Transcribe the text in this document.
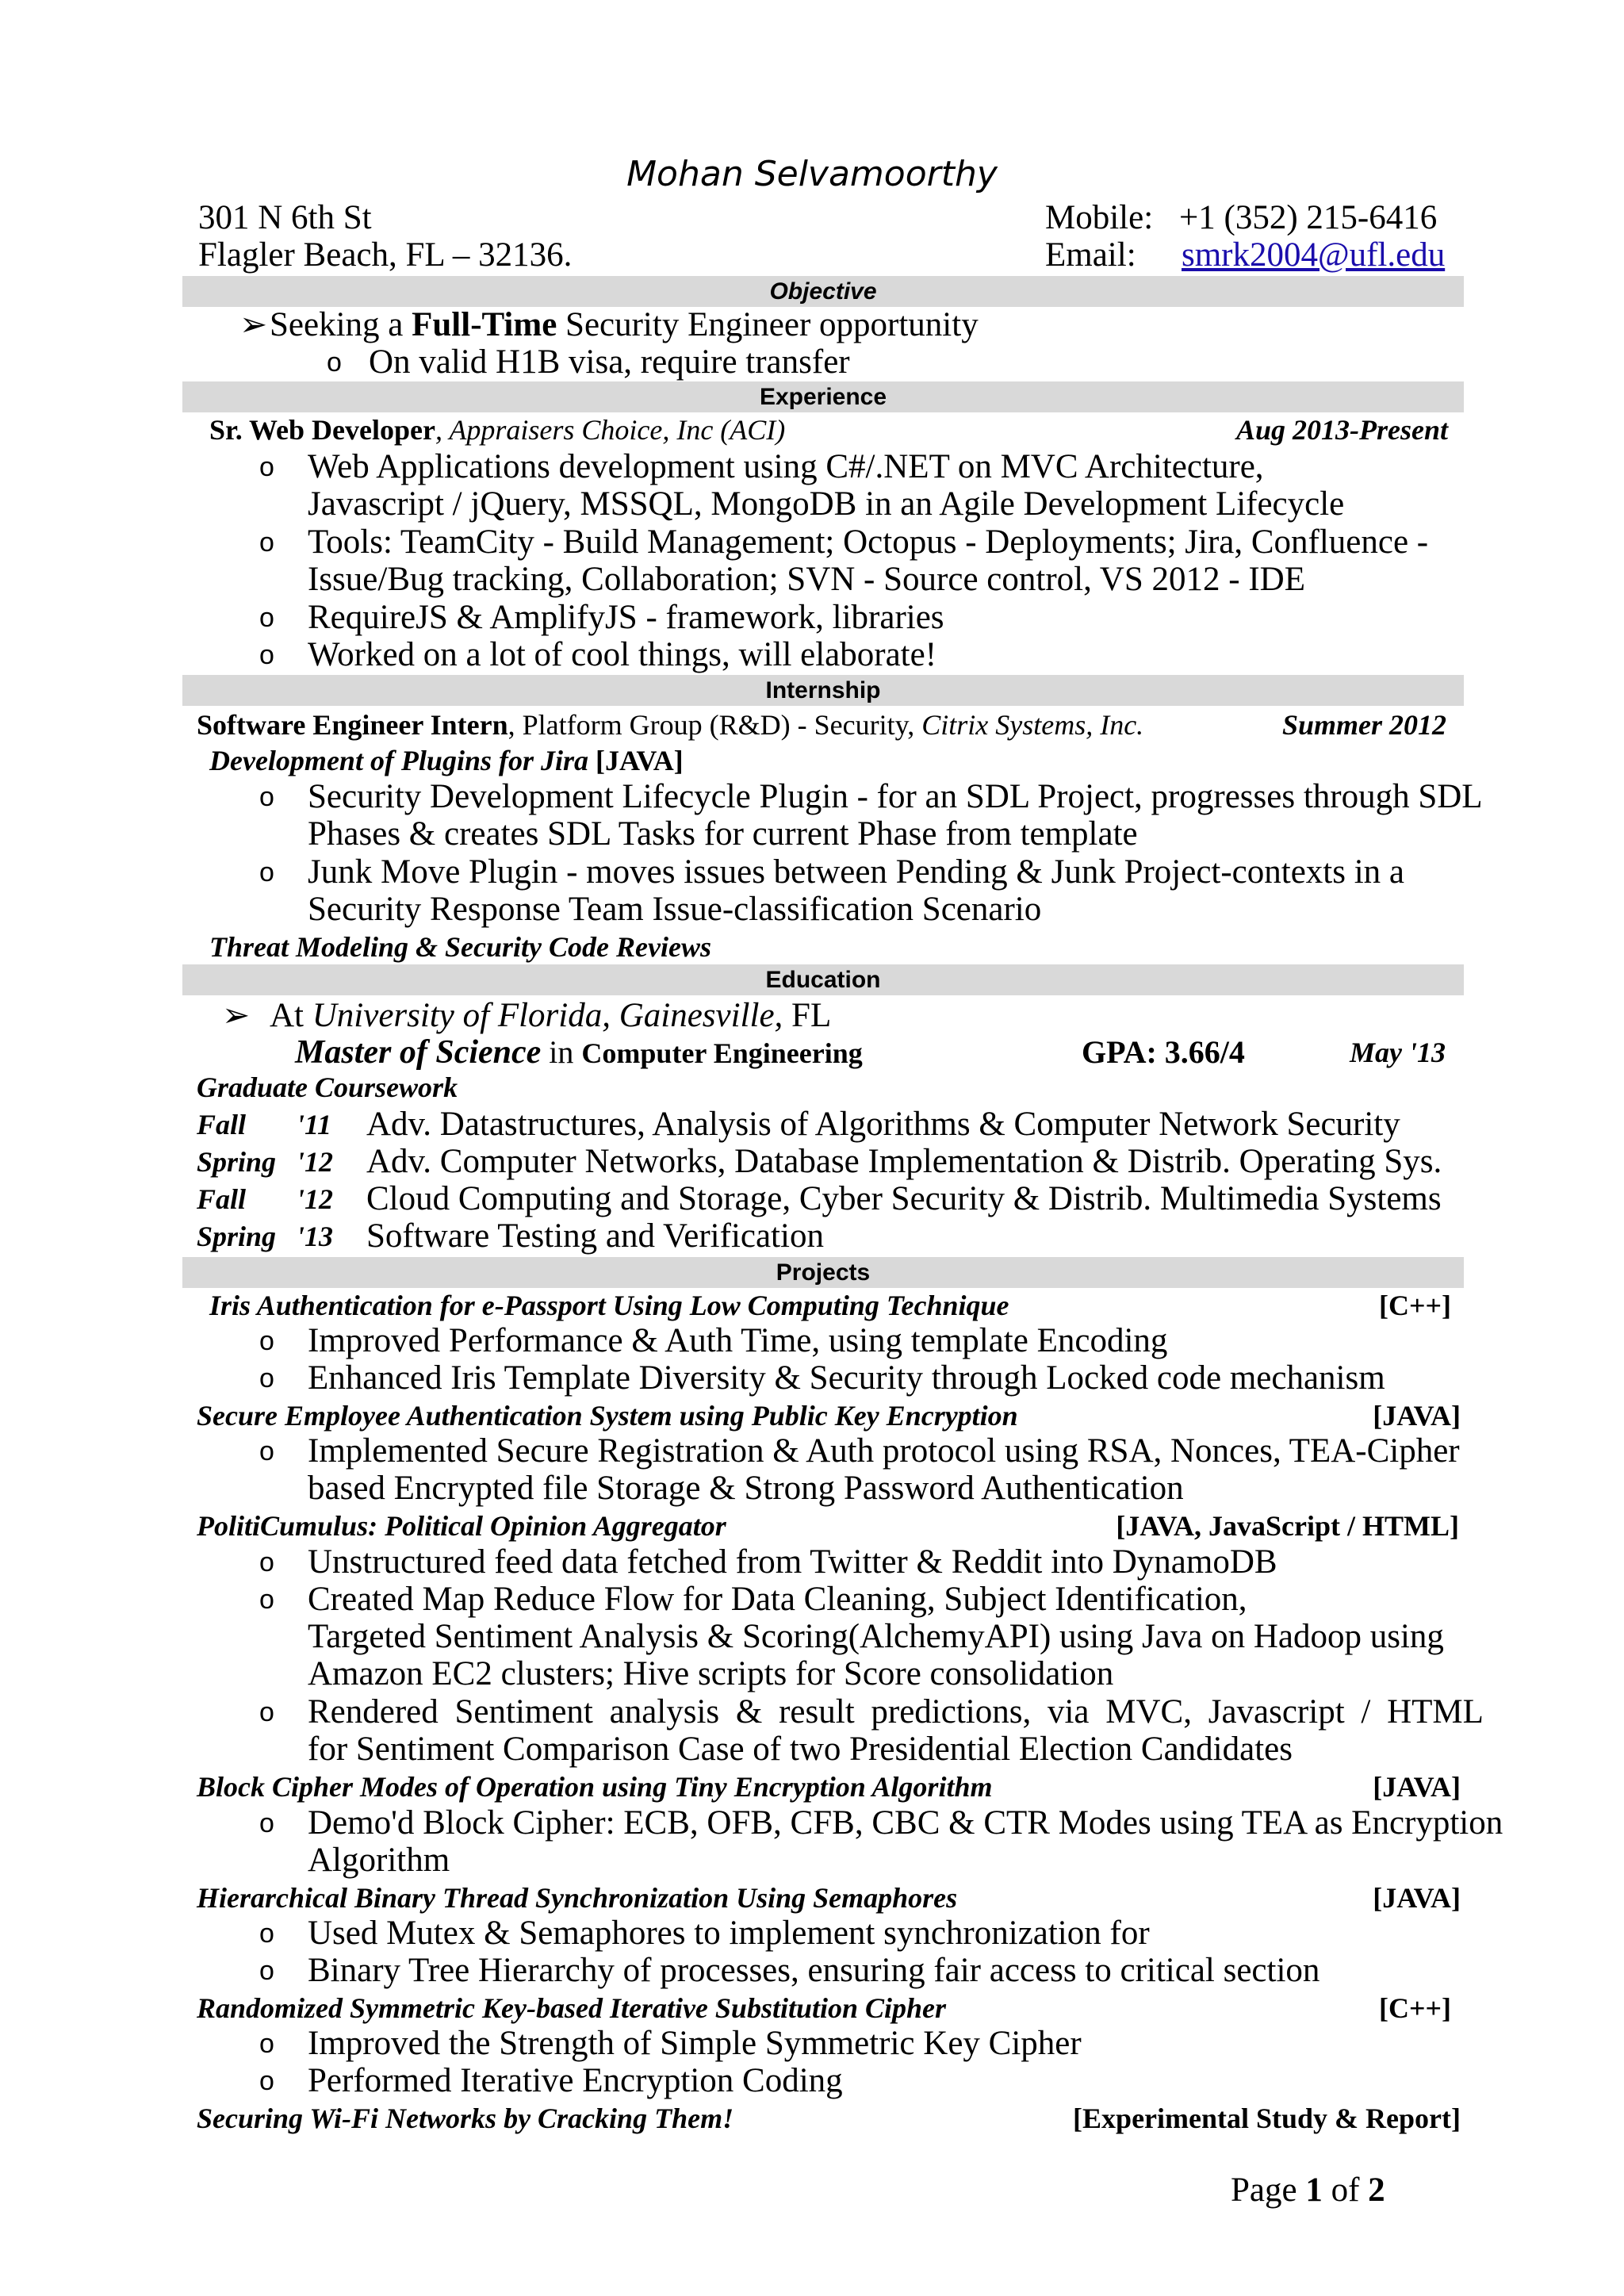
Mohan Selvamoorthy
301 N 6th St
Flagler Beach, FL – 32136.
Mobile: +1 (352) 215-6416
Email: smrk2004@ufl.edu
Objective
➢ Seeking a Full-Time Security Engineer opportunity
o On valid H1B visa, require transfer
Experience
Sr. Web Developer, Appraisers Choice, Inc (ACI)	Aug 2013-Present
o Web Applications development using C#/.NET on MVC Architecture,
Javascript / jQuery, MSSQL, MongoDB in an Agile Development Lifecycle
o Tools: TeamCity - Build Management; Octopus - Deployments; Jira, Confluence -
Issue/Bug tracking, Collaboration; SVN - Source control, VS 2012 - IDE
o RequireJS & AmplifyJS - framework, libraries
o Worked on a lot of cool things, will elaborate!
Internship
Software Engineer Intern, Platform Group (R&D) - Security, Citrix Systems, Inc.	Summer 2012
Development of Plugins for Jira [JAVA]
o Security Development Lifecycle Plugin - for an SDL Project, progresses through SDL
Phases & creates SDL Tasks for current Phase from template
o Junk Move Plugin - moves issues between Pending & Junk Project-contexts in a
Security Response Team Issue-classification Scenario
Threat Modeling & Security Code Reviews
Education
➢ At University of Florida, Gainesville, FL
Master of Science in Computer Engineering	GPA: 3.66/4	May '13
Graduate Coursework
Fall '11 Adv. Datastructures, Analysis of Algorithms & Computer Network Security
Spring '12 Adv. Computer Networks, Database Implementation & Distrib. Operating Sys.
Fall '12 Cloud Computing and Storage, Cyber Security & Distrib. Multimedia Systems
Spring '13 Software Testing and Verification
Projects
Iris Authentication for e-Passport Using Low Computing Technique	[C++]
o Improved Performance & Auth Time, using template Encoding
o Enhanced Iris Template Diversity & Security through Locked code mechanism
Secure Employee Authentication System using Public Key Encryption	[JAVA]
o Implemented Secure Registration & Auth protocol using RSA, Nonces, TEA-Cipher
based Encrypted file Storage & Strong Password Authentication
PolitiCumulus: Political Opinion Aggregator	[JAVA, JavaScript / HTML]
o Unstructured feed data fetched from Twitter & Reddit into DynamoDB
o Created Map Reduce Flow for Data Cleaning, Subject Identification,
Targeted Sentiment Analysis & Scoring(AlchemyAPI) using Java on Hadoop using
Amazon EC2 clusters; Hive scripts for Score consolidation
o Rendered Sentiment analysis & result predictions, via MVC, Javascript / HTML
for Sentiment Comparison Case of two Presidential Election Candidates
Block Cipher Modes of Operation using Tiny Encryption Algorithm	[JAVA]
o Demo'd Block Cipher: ECB, OFB, CFB, CBC & CTR Modes using TEA as Encryption
Algorithm
Hierarchical Binary Thread Synchronization Using Semaphores	[JAVA]
o Used Mutex & Semaphores to implement synchronization for
o Binary Tree Hierarchy of processes, ensuring fair access to critical section
Randomized Symmetric Key-based Iterative Substitution Cipher	[C++]
o Improved the Strength of Simple Symmetric Key Cipher
o Performed Iterative Encryption Coding
Securing Wi-Fi Networks by Cracking Them!	[Experimental Study & Report]
Page 1 of 2
